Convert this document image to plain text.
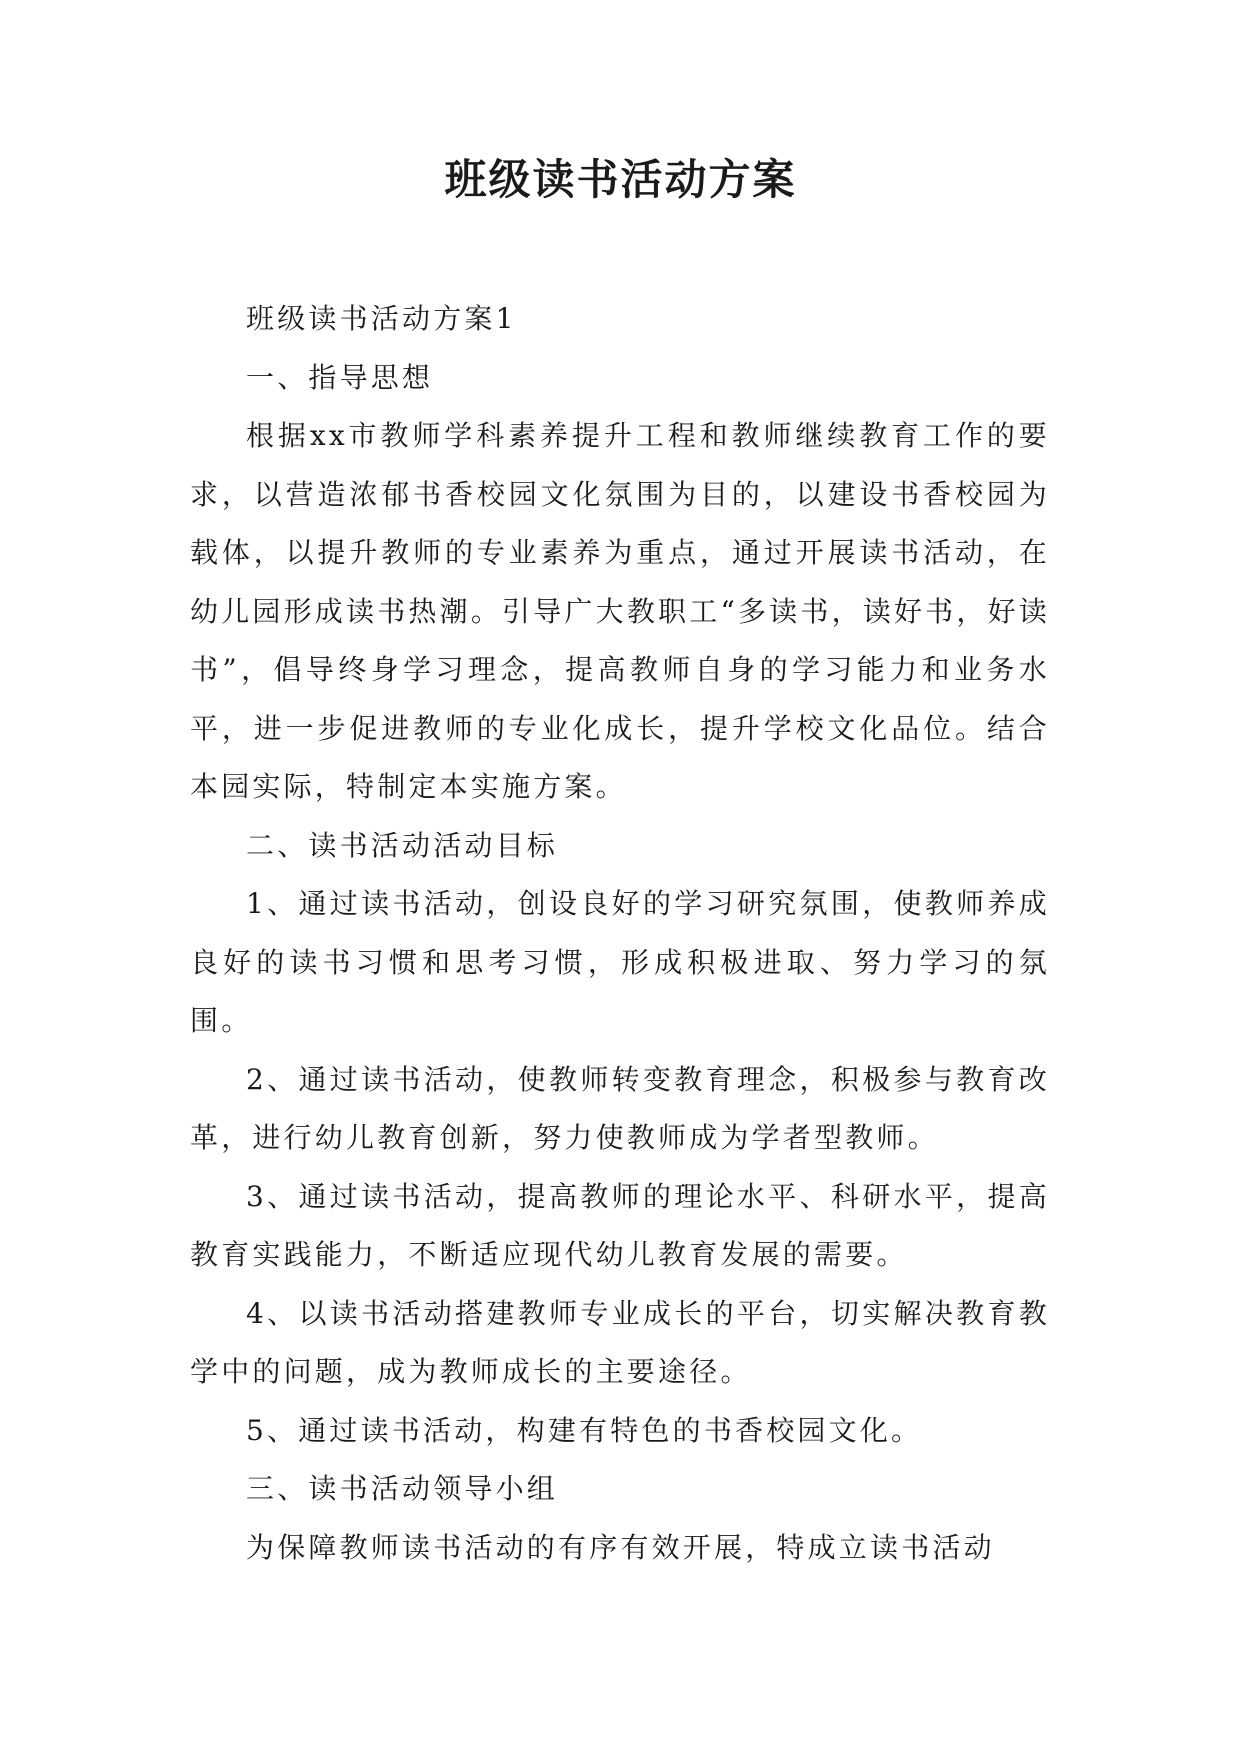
班级读书活动方案

班级读书活动方案1

一、指导思想

根据xx市教师学科素养提升工程和教师继续教育工作的要求，以营造浓郁书香校园文化氛围为目的，以建设书香校园为载体，以提升教师的专业素养为重点，通过开展读书活动，在幼儿园形成读书热潮。引导广大教职工“多读书，读好书，好读书”，倡导终身学习理念，提高教师自身的学习能力和业务水平，进一步促进教师的专业化成长，提升学校文化品位。结合本园实际，特制定本实施方案。

二、读书活动活动目标

1、通过读书活动，创设良好的学习研究氛围，使教师养成良好的读书习惯和思考习惯，形成积极进取、努力学习的氛围。

2、通过读书活动，使教师转变教育理念，积极参与教育改革，进行幼儿教育创新，努力使教师成为学者型教师。

3、通过读书活动，提高教师的理论水平、科研水平，提高教育实践能力，不断适应现代幼儿教育发展的需要。

4、以读书活动搭建教师专业成长的平台，切实解决教育教学中的问题，成为教师成长的主要途径。

5、通过读书活动，构建有特色的书香校园文化。

三、读书活动领导小组

为保障教师读书活动的有序有效开展，特成立读书活动
